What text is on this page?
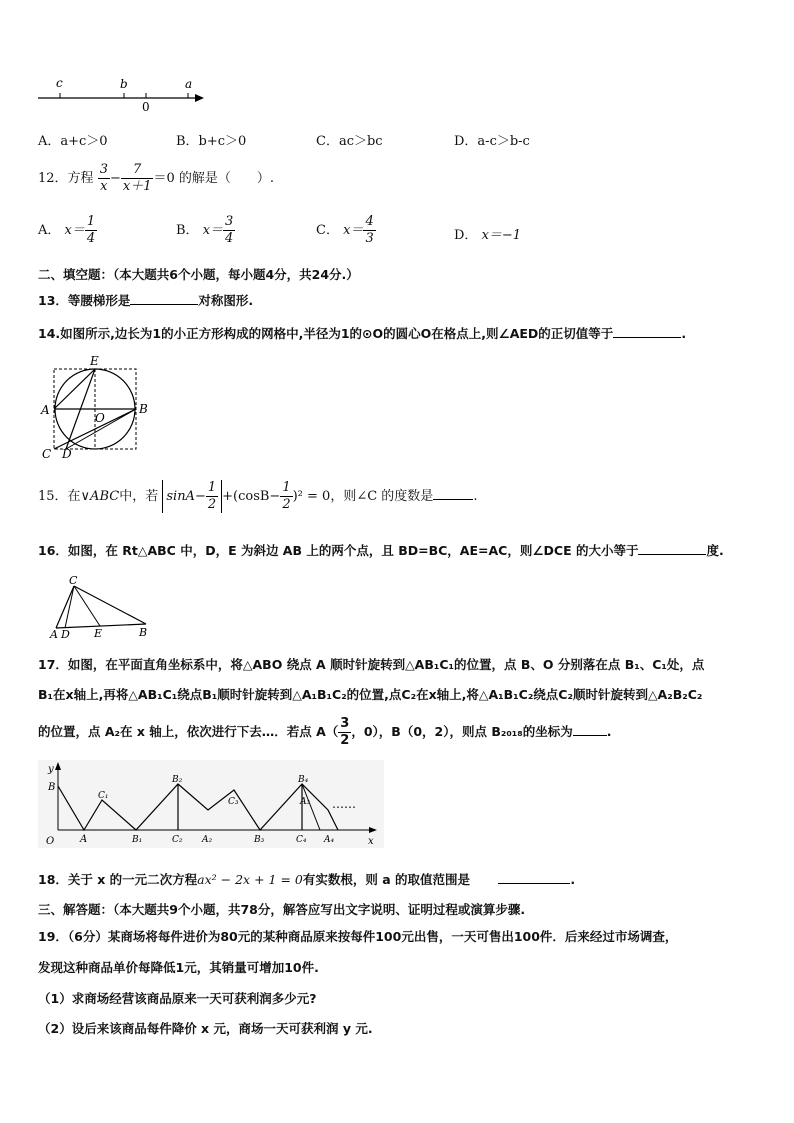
c	b
0
a
A．a+c＞0	B．b+c＞0	C．ac＞bc	D．a-c＞b-c
12．方程 $\frac{3}{x} - \frac{7}{x+1} =0$ 的解是（　　）.
A． $x= \frac{1}{4}$	B． $x= \frac{3}{4}$	C． $x= \frac{4}{3}$	D． x＝−1
二、填空题：（本大题共6个小题，每小题4分，共24分.）
13．等腰梯形是	对称图形.
14.如图所示,边长为1的小正方形构成的网格中,半径为1的⊙O的圆心O在格点上,则∠AED的正切值等于	.
E
A
O
B
C D
15．在∨ABC中，若 $\sin A- \frac{1}{2} +(\cos B- \frac{1}{2} )^2 = 0$，则∠C 的度数是	.
16．如图，在 Rt△ABC 中，D，E 为斜边 AB 上的两个点，且 BD=BC，AE=AC，则∠DCE 的大小等于	度.
C
A D E	B
17．如图，在平面直角坐标系中，将△ABO 绕点 A 顺时针旋转到△AB₁C₁的位置，点 B、O 分别落在点 B₁、C₁处，点
B₁在x轴上,再将△AB₁C₁绕点B₁顺时针旋转到△A₁B₁C₂的位置,点C₂在x轴上,将△A₁B₁C₂绕点C₂顺时针旋转到△A₂B₂C₂
的位置，点 A₂在 x 轴上，依次进行下去…．若点 $A( \frac{3}{2}$ ，0），B（0，2），则点 B₂₀₁₈的坐标为	.
y
x
O
B
A
C₁
B₁
B₂
C₂ A₂
C₃
B₃
B₄
A₃
C₄ A₄
……
18．关于 x 的一元二次方程ax² − 2x + 1 = 0有实数根，则 a 的取值范围是	.
三、解答题：（本大题共9个小题，共78分，解答应写出文字说明、证明过程或演算步骤.
19．（6分）某商场将每件进价为80元的某种商品原来按每件100元出售，一天可售出100件．后来经过市场调查，
发现这种商品单价每降低1元，其销量可增加10件.
（1）求商场经营该商品原来一天可获利润多少元?
（2）设后来该商品每件降价 x 元，商场一天可获利润 y 元.
